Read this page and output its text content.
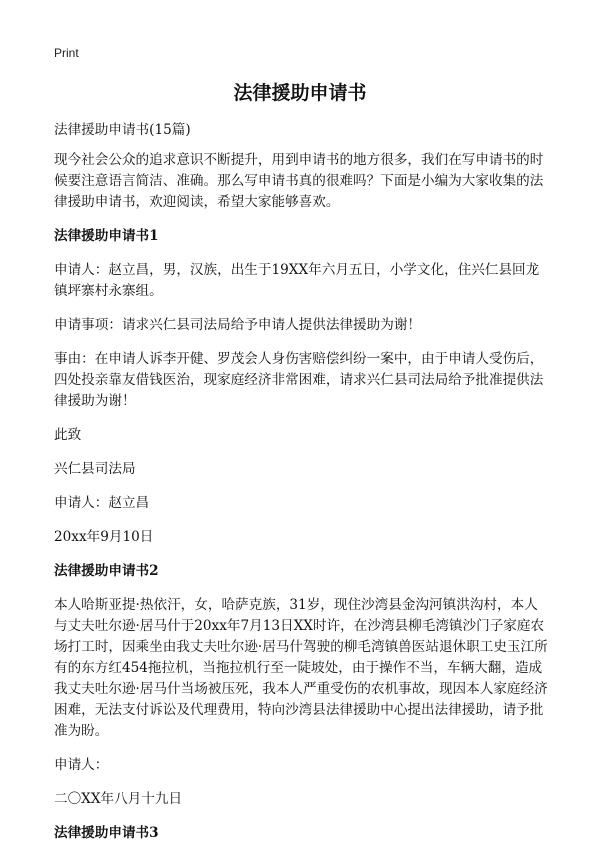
Print
法律援助申请书

法律援助申请书(15篇)

现今社会公众的追求意识不断提升，用到申请书的地方很多，我们在写申请书的时候要注意语言简洁、准确。那么写申请书真的很难吗？下面是小编为大家收集的法律援助申请书，欢迎阅读，希望大家能够喜欢。

法律援助申请书1

申请人：赵立昌，男，汉族，出生于19XX年六月五日，小学文化，住兴仁县回龙镇坪寨村永寨组。

申请事项：请求兴仁县司法局给予申请人提供法律援助为谢！

事由：在申请人诉李开健、罗茂会人身伤害赔偿纠纷一案中，由于申请人受伤后，四处投亲靠友借钱医治，现家庭经济非常困难，请求兴仁县司法局给予批准提供法律援助为谢！

此致

兴仁县司法局

申请人：赵立昌

20xx年9月10日

法律援助申请书2

本人哈斯亚提·热依汗，女，哈萨克族，31岁，现住沙湾县金沟河镇洪沟村，本人与丈夫吐尔逊·居马什于20xx年7月13日XX时许，在沙湾县柳毛湾镇沙门子家庭农场打工时，因乘坐由我丈夫吐尔逊·居马什驾驶的柳毛湾镇兽医站退休职工史玉江所有的东方红454拖拉机，当拖拉机行至一陡坡处，由于操作不当，车辆大翻，造成我丈夫吐尔逊·居马什当场被压死，我本人严重受伤的农机事故，现因本人家庭经济困难，无法支付诉讼及代理费用，特向沙湾县法律援助中心提出法律援助，请予批准为盼。

申请人：

二〇XX年八月十九日

法律援助申请书3
